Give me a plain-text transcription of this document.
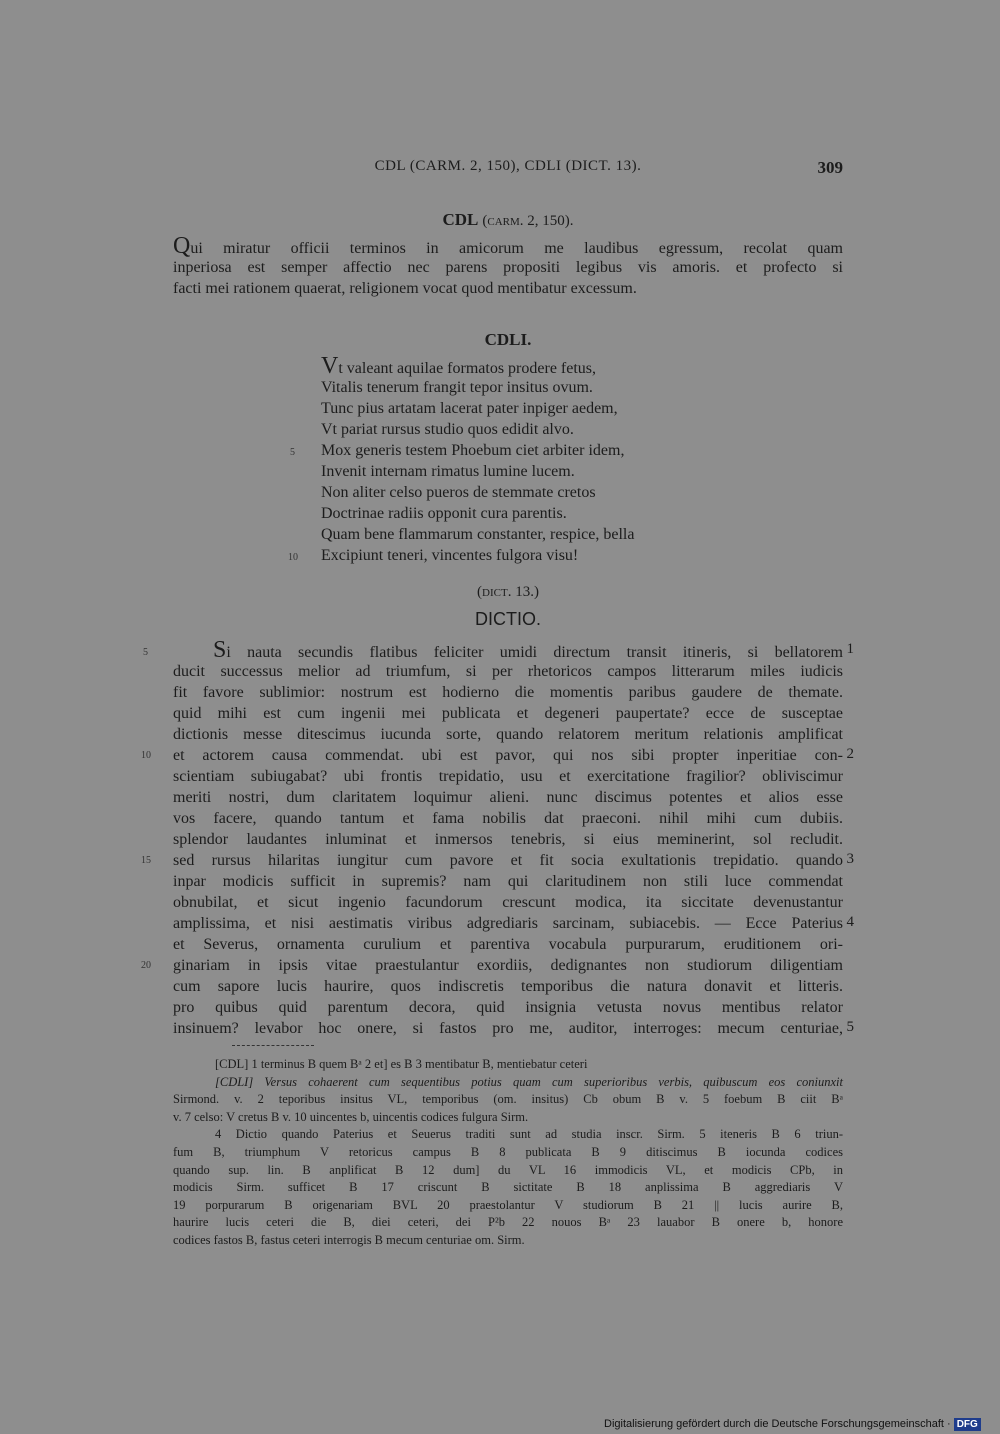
CDL (CARM. 2, 150), CDLI (DICT. 13).	309
CDL (carm. 2, 150).
Qui miratur officii terminos in amicorum me laudibus egressum, recolat quam
inperiosa est semper affectio nec parens propositi legibus vis amoris. et profecto si
facti mei rationem quaerat, religionem vocat quod mentibatur excessum.
CDLI.
Vt valeant aquilae formatos prodere fetus,
Vitalis tenerum frangit tepor insitus ovum.
Tunc pius artatam lacerat pater inpiger aedem,
Vt pariat rursus studio quos edidit alvo.
Mox generis testem Phoebum ciet arbiter idem,
Invenit internam rimatus lumine lucem.
Non aliter celso pueros de stemmate cretos
Doctrinae radiis opponit cura parentis.
Quam bene flammarum constanter, respice, bella
Excipiunt teneri, vincentes fulgora visu!
5
10
(dict. 13.)
DICTIO.
Si nauta secundis flatibus feliciter umidi directum transit itineris, si bellatorem
ducit successus melior ad triumfum, si per rhetoricos campos litterarum miles iudicis
fit favore sublimior: nostrum est hodierno die momentis paribus gaudere de themate.
quid mihi est cum ingenii mei publicata et degeneri paupertate? ecce de susceptae
dictionis messe ditescimus iucunda sorte, quando relatorem meritum relationis amplificat
et actorem causa commendat. ubi est pavor, qui nos sibi propter inperitiae con-
scientiam subiugabat? ubi frontis trepidatio, usu et exercitatione fragilior? obliviscimur
meriti nostri, dum claritatem loquimur alieni. nunc discimus potentes et alios esse
vos facere, quando tantum et fama nobilis dat praeconi. nihil mihi cum dubiis.
splendor laudantes inluminat et inmersos tenebris, si eius meminerint, sol recludit.
sed rursus hilaritas iungitur cum pavore et fit socia exultationis trepidatio. quando
inpar modicis sufficit in supremis? nam qui claritudinem non stili luce commendat
obnubilat, et sicut ingenio facundorum crescunt modica, ita siccitate devenustantur
amplissima, et nisi aestimatis viribus adgrediaris sarcinam, subiacebis. — Ecce Paterius
et Severus, ornamenta curulium et parentiva vocabula purpurarum, eruditionem ori-
ginariam in ipsis vitae praestulantur exordiis, dedignantes non studiorum diligentiam
cum sapore lucis haurire, quos indiscretis temporibus die natura donavit et litteris.
pro quibus quid parentum decora, quid insignia vetusta novus mentibus relator
insinuem? levabor hoc onere, si fastos pro me, auditor, interroges: mecum centuriae,
5
10
15
20
1
2
3
4
5
[CDL] 1 terminus B quem Bᵃ 2 et] es B 3 mentibatur B, mentiebatur ceteri
[CDLI] Versus cohaerent cum sequentibus potius quam cum superioribus verbis, quibuscum eos coniunxit
Sirmond. v. 2 teporibus insitus VL, temporibus (om. insitus) Cb obum B v. 5 foebum B ciit Bᵃ
v. 7 celso: V cretus B v. 10 uincentes b, uincentis codices fulgura Sirm.
4 Dictio quando Paterius et Seuerus traditi sunt ad studia inscr. Sirm. 5 iteneris B 6 triun-
fum B, triumphum V retoricus campus B 8 publicata B 9 ditiscimus B iocunda codices
quando sup. lin. B anplificat B 12 dum] du VL 16 immodicis VL, et modicis CPb, in
modicis Sirm. sufficet B 17 criscunt B sictitate B 18 anplissima B aggrediaris V
19 porpurarum B origenariam BVL 20 praestolantur V studiorum B 21 || lucis aurire B,
haurire lucis ceteri die B, diei ceteri, dei P²b 22 nouos Bᵃ 23 lauabor B onere b, honore
codices fastos B, fastus ceteri interrogis B mecum centuriae om. Sirm.
Digitalisierung gefördert durch die Deutsche Forschungsgemeinschaft · DFG
